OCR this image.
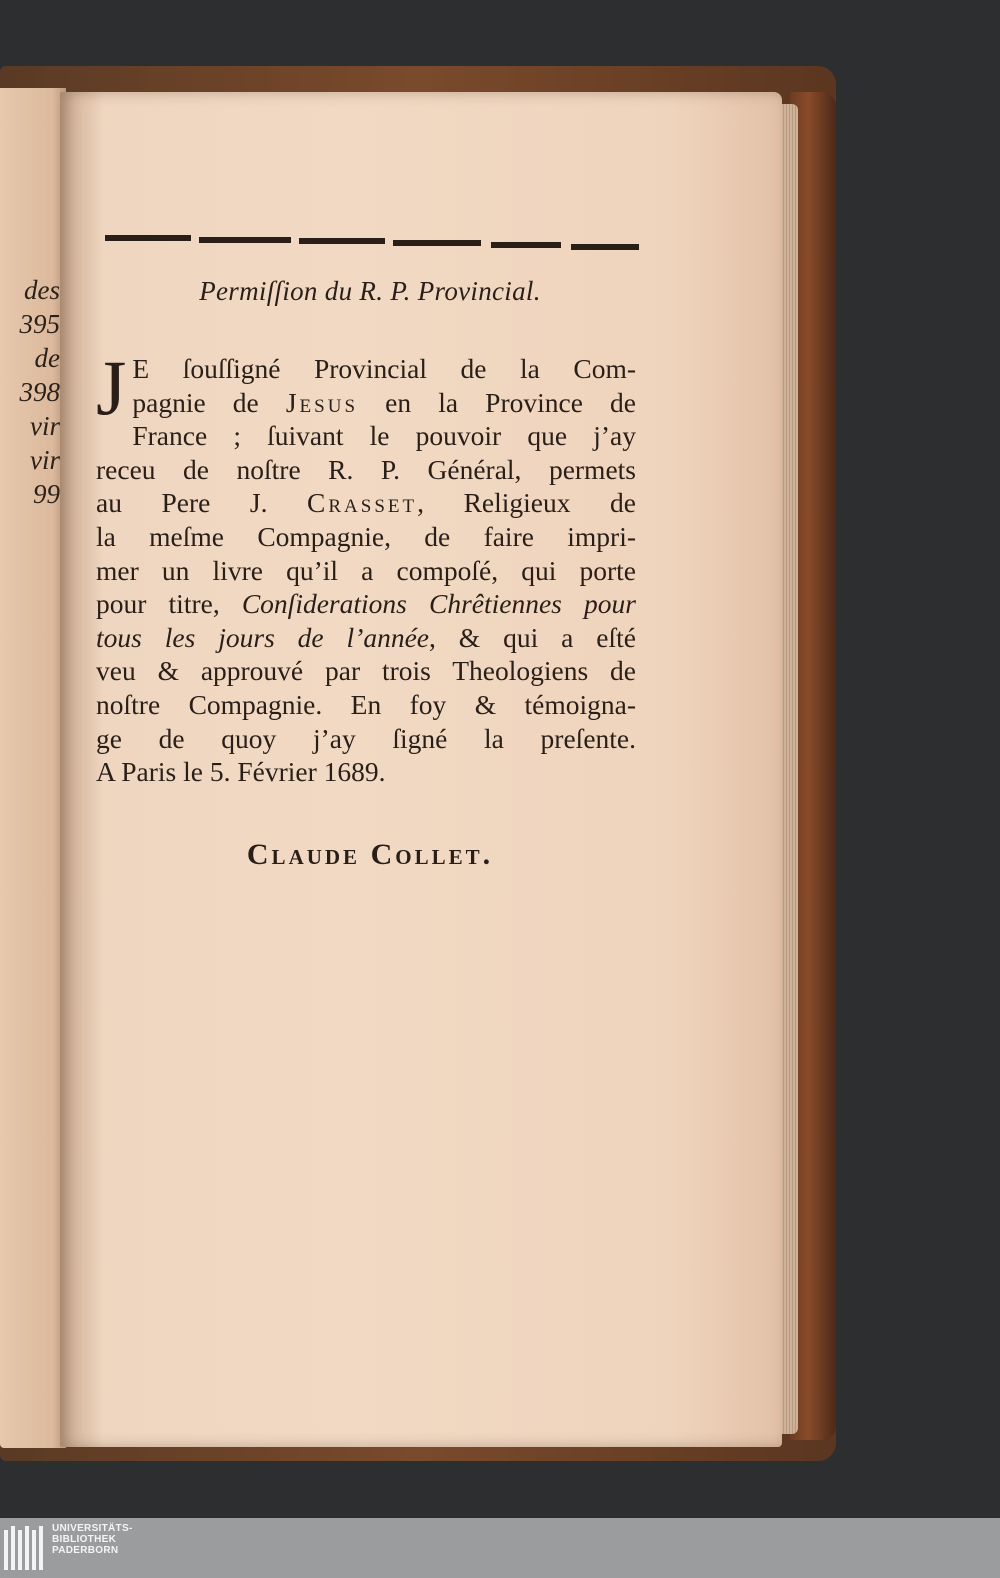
des
395
de
398
vir
vir
99
Permiſſion du R. P. Provincial.
J E ſouſſigné Provincial de la Com-
pagnie de Jesus en la Province de
France ; ſuivant le pouvoir que j’ay
receu de noſtre R. P. Général, permets
au Pere J. Crasset, Religieux de
la meſme Compagnie, de faire impri-
mer un livre qu’il a compoſé, qui porte
pour titre, Conſiderations Chrêtiennes pour
tous les jours de l’année, & qui a eſté
veu & approuvé par trois Theologiens de
noſtre Compagnie. En foy & témoigna-
ge de quoy j’ay ſigné la preſente.
A Paris le 5. Février 1689.
Claude Collet.
UNIVERSITÄTS-
BIBLIOTHEK
PADERBORN
